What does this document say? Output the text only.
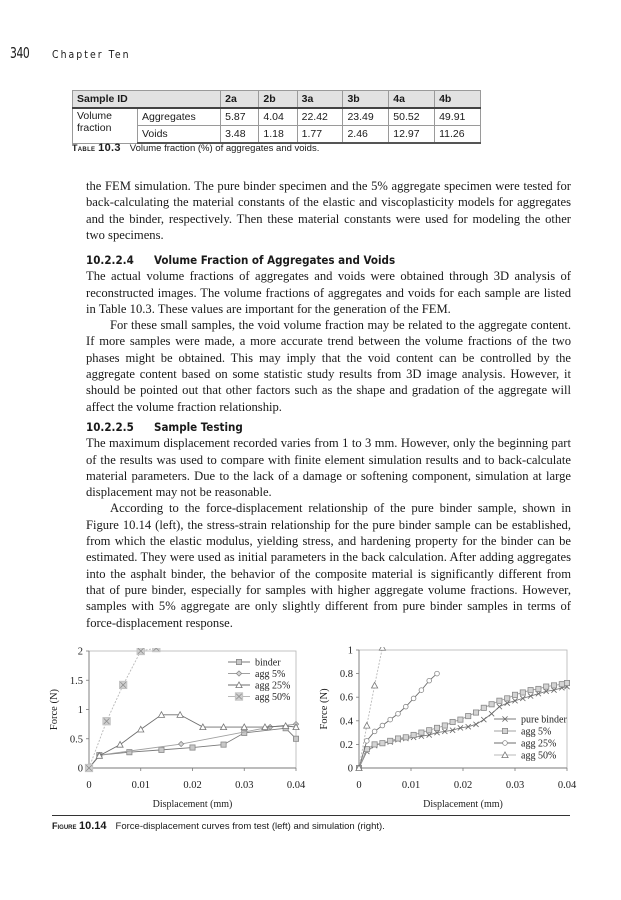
340	Chapter Ten
Sample ID		2a	2b	3a	3b	4a	4b
Volume
fraction	Aggregates	5.87	4.04	22.42	23.49	50.52	49.91
	Voids	3.48	1.18	1.77	2.46	12.97	11.26
Table 10.3 Volume fraction (%) of aggregates and voids.

the FEM simulation. The pure binder specimen and the 5% aggregate specimen were tested for back-calculating the material constants of the elastic and viscoplasticity models for aggregates and the binder, respectively. Then these material constants were used for modeling the other two specimens.

10.2.2.4 Volume Fraction of Aggregates and Voids

The actual volume fractions of aggregates and voids were obtained through 3D analysis of reconstructed images. The volume fractions of aggregates and voids for each sample are listed in Table 10.3. These values are important for the generation of the FEM.

For these small samples, the void volume fraction may be related to the aggregate content. If more samples were made, a more accurate trend between the volume fractions of the two phases might be obtained. This may imply that the void content can be controlled by the aggregate content based on some statistic study results from 3D image analysis. However, it should be pointed out that other factors such as the shape and gradation of the aggregate will affect the volume fraction relationship.

10.2.2.5 Sample Testing

The maximum displacement recorded varies from 1 to 3 mm. However, only the beginning part of the results was used to compare with finite element simulation results and to back-calculate material parameters. Due to the lack of a damage or softening component, simulation at large displacement may not be reasonable.

According to the force-displacement relationship of the pure binder sample, shown in Figure 10.14 (left), the stress-strain relationship for the pure binder sample can be established, from which the elastic modulus, yielding stress, and hardening property for the binder can be estimated. They were used as initial parameters in the back calculation. After adding aggregates into the asphalt binder, the behavior of the composite material is significantly different from that of pure binder, especially for samples with higher aggregate volume fractions. However, samples with 5% aggregate are only slightly different from pure binder samples in terms of force-displacement response.

0
0.5
1
1.5
2
0	0.01	0.02	0.03	0.04
Displacement (mm)
Force (N)
binder
agg 5%
agg 25%
agg 50%
0
0.2
0.4
0.6
0.8
1
0	0.01	0.02	0.03	0.04
Displacement (mm)
Force (N)	pure binder
agg 5%
agg 25%
agg 50%
Figure 10.14 Force-displacement curves from test (left) and simulation (right).
